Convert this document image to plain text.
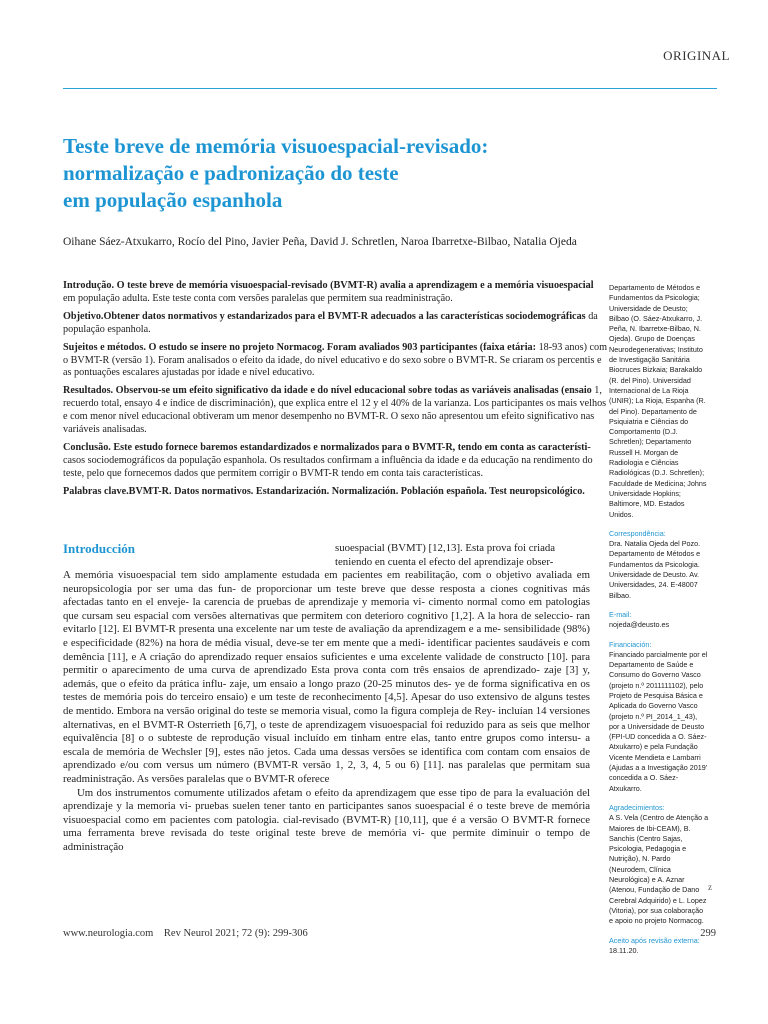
ORIGINAL
Teste breve de memória visuoespacial-revisado:
normalização e padronização do teste
em população espanhola
Oihane Sáez-Atxukarro, Rocío del Pino, Javier Peña, David J. Schretlen, Naroa Ibarretxe-Bilbao, Natalia Ojeda

Introdução. O teste breve de memória visuoespacial-revisado (BVMT-R) avalia a aprendizagem e a memória visuoespacial em população adulta. Este teste conta com versões paralelas que permitem sua readministração.

Objetivo.Obtener datos normativos y estandarizados para el BVMT-R adecuados a las características sociodemográficas da população espanhola.

Sujeitos e métodos. O estudo se insere no projeto Normacog. Foram avaliados 903 participantes (faixa etária: 18-93 anos) com o BVMT-R (versão 1). Foram analisados o efeito da idade, do nível educativo e do sexo sobre o BVMT-R. Se criaram os percentis e as pontuações escalares ajustadas por idade e nível educativo.

Resultados. Observou-se um efeito significativo da idade e do nível educacional sobre todas as variáveis analisadas (ensaio 1, recuerdo total, ensayo 4 e índice de discriminación), que explica entre el 12 y el 40% de la varianza. Los participantes os mais velhos e com menor nível educacional obtiveram um menor desempenho no BVMT-R. O sexo não apresentou um efeito significativo nas variáveis analisadas.

Conclusão. Este estudo fornece baremos estandardizados e normalizados para o BVMT-R, tendo em conta as característi- casos sociodemográficos da população espanhola. Os resultados confirmam a influência da idade e da educação na rendimento do teste, pelo que fornecemos dados que permitem corrigir o BVMT-R tendo em conta tais características.

Palabras clave.BVMT-R. Datos normativos. Estandarización. Normalización. Población española. Test neuropsicológico.

Departamento de Métodos e Fundamentos da Psicologia; Universidade de Deusto; Bilbao (O. Sáez-Atxukarro, J. Peña, N. Ibarretxe-Bilbao, N. Ojeda). Grupo de Doenças Neurodegenerativas; Instituto de Investigação Sanitária Biocruces Bizkaia; Barakaldo (R. del Pino). Universidad Internacional de La Rioja (UNIR); La Rioja, Espanha (R. del Pino). Departamento de Psiquiatria e Ciências do Comportamento (D.J. Schretlen); Departamento Russell H. Morgan de Radiologia e Ciências Radiológicas (D.J. Schretlen); Faculdade de Medicina; Johns Universidade Hopkins; Baltimore, MD. Estados Unidos.
Correspondência:
Dra. Natalia Ojeda del Pozo. Departamento de Métodos e Fundamentos da Psicologia. Universidade de Deusto. Av. Universidades, 24. E-48007 Bilbao.
E-mail:
nojeda@deusto.es
Financiación:
Financiado parcialmente por el Departamento de Saúde e Consumo do Governo Vasco (projeto n.º 2011111102), pelo Projeto de Pesquisa Básica e Aplicada do Governo Vasco (projeto n.º PI_2014_1_43), por a Universidade de Deusto (FPI-UD concedida a O. Sáez-Atxukarro) e pela Fundação Vicente Mendieta e Lambarri (Ajudas a a Investigação 2019' concedida a O. Sáez-Atxukarro.
Agradecimientos:
A S. Vela (Centro de Atenção a Maiores de Ibi-CEAM), B. Sanchis (Centro Sajas, Psicologia, Pedagogia e Nutrição), N. Pardo (Neurodem, Clínica Neurológica) e A. Aznar (Atenou, Fundação de Dano Cerebral Adquirido) e L. Lopez (Vitoria), por sua colaboração e apoio no projeto Normacog.
Aceito após revisão externa:
18.11.20.
Introducción	suoespacial (BVMT) [12,13]. Esta prova foi criada teniendo en cuenta el efecto del aprendizaje obser-

A memória visuoespacial tem sido amplamente estudada em pacientes em reabilitação, com o objetivo avaliada em neuropsicologia por ser uma das fun- de proporcionar um teste breve que desse resposta a ciones cognitivas más afectadas tanto en el enveje- la carencia de pruebas de aprendizaje y memoria vi- cimento normal como em patologias que cursam seu espacial com versões alternativas que permitem con deterioro cognitivo [1,2]. A la hora de seleccio- ran evitarlo [12]. El BVMT-R presenta una excelente nar um teste de avaliação da aprendizagem e a me- sensibilidade (98%) e especificidade (82%) na hora de média visual, deve-se ter em mente que a medi- identificar pacientes saudáveis e com demência [11], e A criação do aprendizado requer ensaios suficientes e uma excelente validade de constructo [10]. para permitir o aparecimento de uma curva de aprendizado Esta prova conta com três ensaios de aprendizado- zaje [3] y, además, que o efeito da prática influ- zaje, um ensaio a longo prazo (20-25 minutos des- ye de forma significativa en os testes de memória pois do terceiro ensaio) e um teste de reconhecimento [4,5]. Apesar do uso extensivo de alguns testes de mentido. Embora na versão original do teste se memoria visual, como la figura compleja de Rey- incluían 14 versiones alternativas, en el BVMT-R Osterrieth [6,7], o teste de aprendizagem visuoespacial foi reduzido para as seis que melhor equivalência [8] o o subteste de reprodução visual incluído em tinham entre elas, tanto entre grupos como intersu- a escala de memória de Wechsler [9], estes não jetos. Cada uma dessas versões se identifica com contam com ensaios de aprendizado e/ou com versus um número (BVMT-R versão 1, 2, 3, 4, 5 ou 6) [11]. nas paralelas que permitam sua readministração. As versões paralelas que o BVMT-R oferece

Um dos instrumentos comumente utilizados afetam o efeito da aprendizagem que esse tipo de para la evaluación del aprendizaje y la memoria vi- pruebas suelen tener tanto en participantes sanos suoespacial é o teste breve de memória visuoespacial como em pacientes com patologia. cial-revisado (BVMT-R) [10,11], que é a versão O BVMT-R fornece uma ferramenta breve revisada do teste original teste breve de memória vi- que permite diminuir o tempo de administração

z
www.neurologia.com Rev Neurol 2021; 72 (9): 299-306	299
